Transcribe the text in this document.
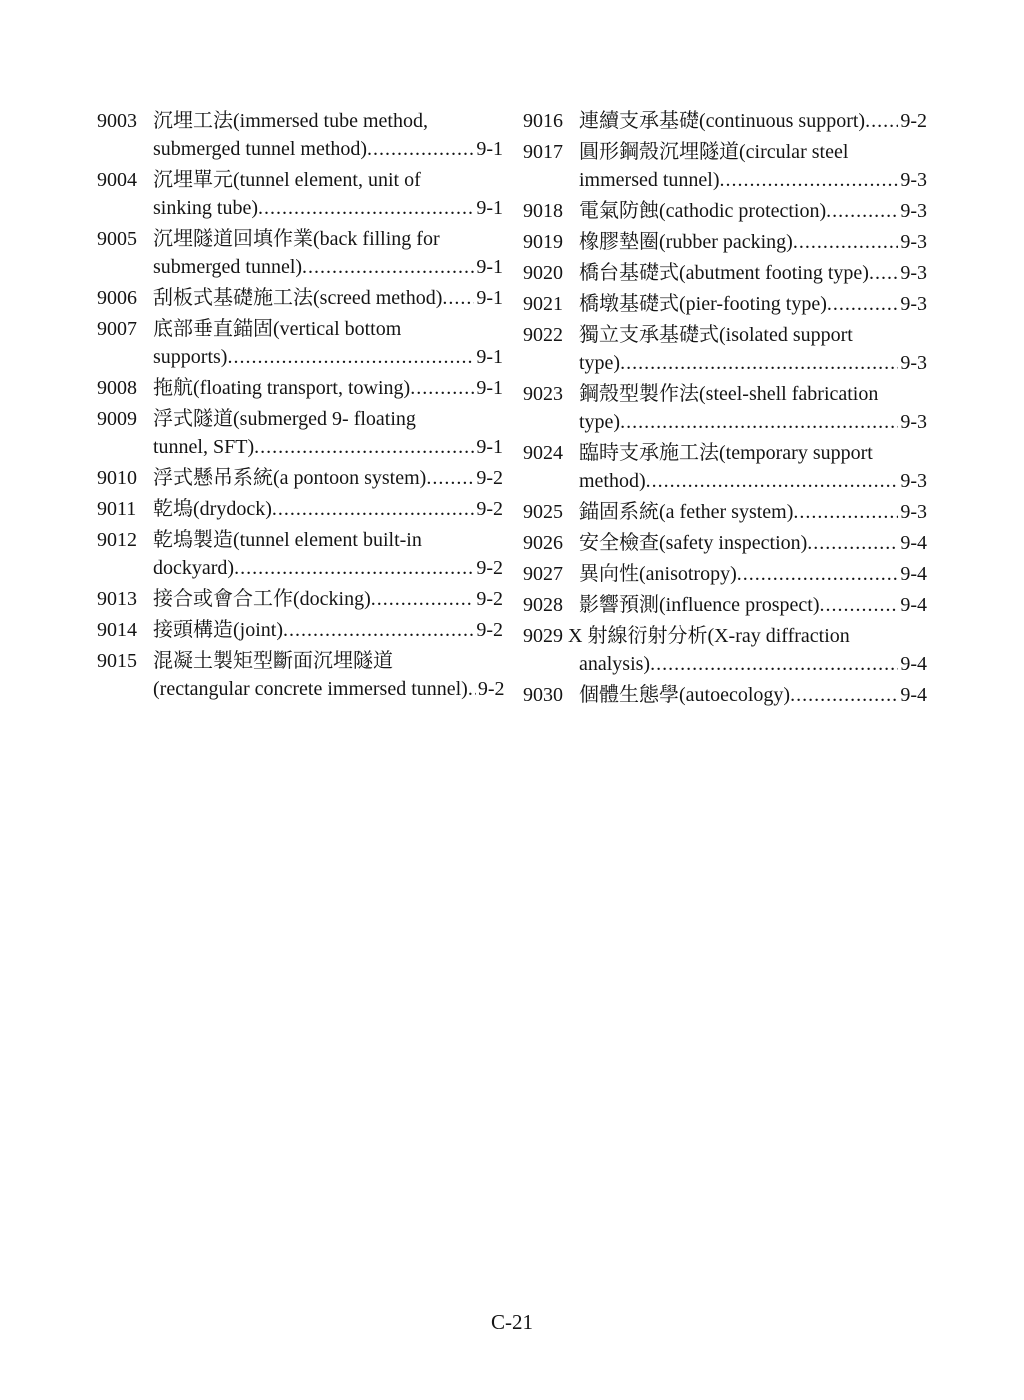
9003 沉埋工法(immersed tube method,
submerged tunnel method) .....	9-1
9004 沉埋單元(tunnel element, unit of
sinking tube) .....	9-1
9005 沉埋隧道回填作業(back filling for
submerged tunnel) .....	9-1
9006 刮板式基礎施工法(screed method) ..... 9-1
9007 底部垂直錨固(vertical bottom
supports) .....	9-1
9008 拖航(floating transport, towing) .....	9-1
9009 浮式隧道(submerged 9- floating
tunnel, SFT) .....	9-1
9010 浮式懸吊系統(a pontoon system) .....	9-2
9011 乾塢(drydock) .....	9-2
9012 乾塢製造(tunnel element built-in
dockyard) .....	9-2
9013 接合或會合工作(docking) .....	9-2
9014 接頭構造(joint) .....	9-2
9015 混凝土製矩型斷面沉埋隧道
(rectangular concrete immersed tunnel) ..... 9-2
9016 連續支承基礎(continuous support) ..... 9-2
9017 圓形鋼殼沉埋隧道(circular steel
immersed tunnel) .....	9-3
9018 電氣防蝕(cathodic protection) .....	9-3
9019 橡膠墊圈(rubber packing) .....	9-3
9020 橋台基礎式(abutment footing type) ..... 9-3
9021 橋墩基礎式(pier-footing type) .....	9-3
9022 獨立支承基礎式(isolated support
type) .....	9-3
9023 鋼殼型製作法(steel-shell fabrication
type) .....	9-3
9024 臨時支承施工法(temporary support
method) .....	9-3
9025 錨固系統(a fether system) .....	9-3
9026 安全檢查(safety inspection) .....	9-4
9027 異向性(anisotropy) .....	9-4
9028 影響預測(influence prospect) .....	9-4
9029 X 射線衍射分析(X-ray diffraction
analysis) .....	9-4
9030 個體生態學(autoecology) .....	9-4
C-21
